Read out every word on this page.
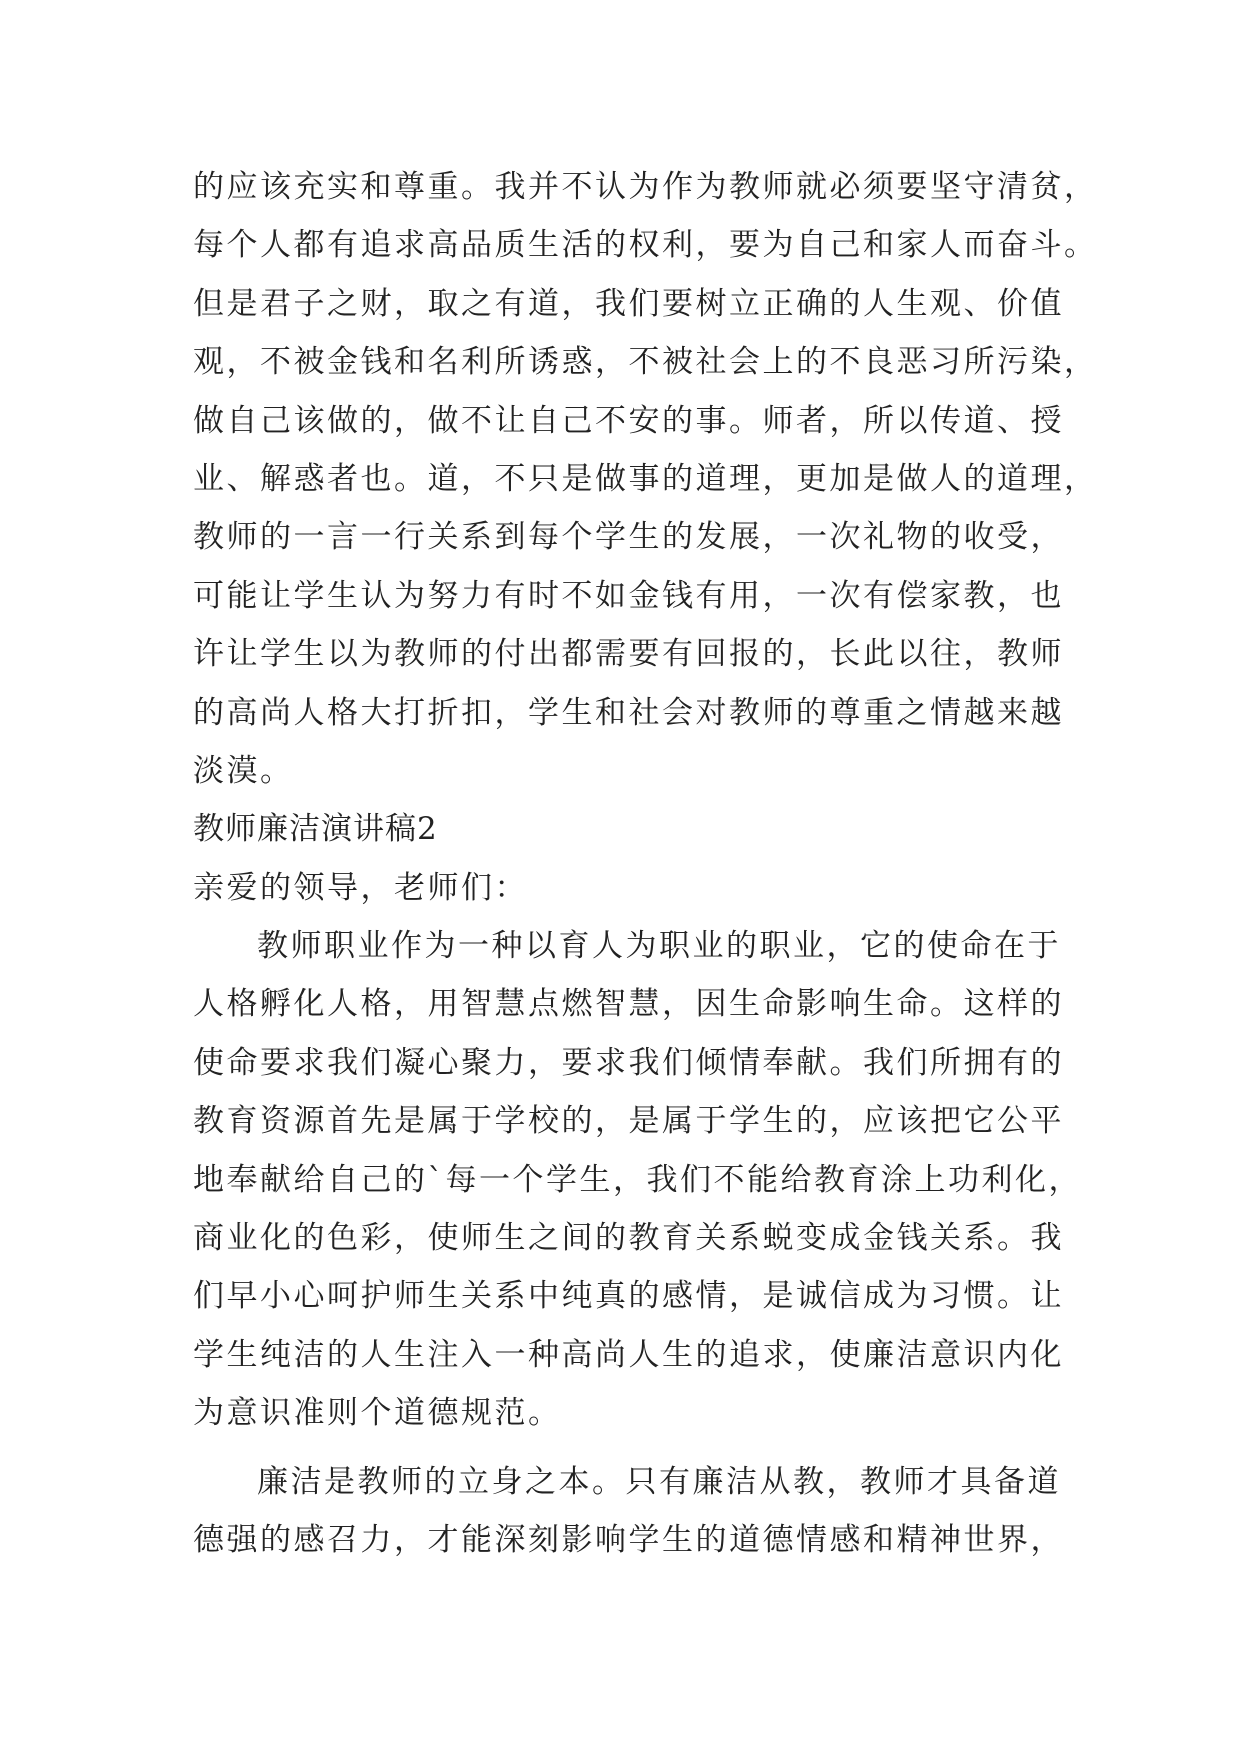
的应该充实和尊重。我并不认为作为教师就必须要坚守清贫，
每个人都有追求高品质生活的权利，要为自己和家人而奋斗。
但是君子之财，取之有道，我们要树立正确的人生观、价值
观，不被金钱和名利所诱惑，不被社会上的不良恶习所污染，
做自己该做的，做不让自己不安的事。师者，所以传道、授
业、解惑者也。道，不只是做事的道理，更加是做人的道理，
教师的一言一行关系到每个学生的发展，一次礼物的收受，
可能让学生认为努力有时不如金钱有用，一次有偿家教，也
许让学生以为教师的付出都需要有回报的，长此以往，教师
的高尚人格大打折扣，学生和社会对教师的尊重之情越来越
淡漠。
教师廉洁演讲稿2
亲爱的领导，老师们：
教师职业作为一种以育人为职业的职业，它的使命在于
人格孵化人格，用智慧点燃智慧，因生命影响生命。这样的
使命要求我们凝心聚力，要求我们倾情奉献。我们所拥有的
教育资源首先是属于学校的，是属于学生的，应该把它公平
地奉献给自己的`每一个学生，我们不能给教育涂上功利化，
商业化的色彩，使师生之间的教育关系蜕变成金钱关系。我
们早小心呵护师生关系中纯真的感情，是诚信成为习惯。让
学生纯洁的人生注入一种高尚人生的追求，使廉洁意识内化
为意识准则个道德规范。
廉洁是教师的立身之本。只有廉洁从教，教师才具备道
德强的感召力，才能深刻影响学生的道德情感和精神世界，
